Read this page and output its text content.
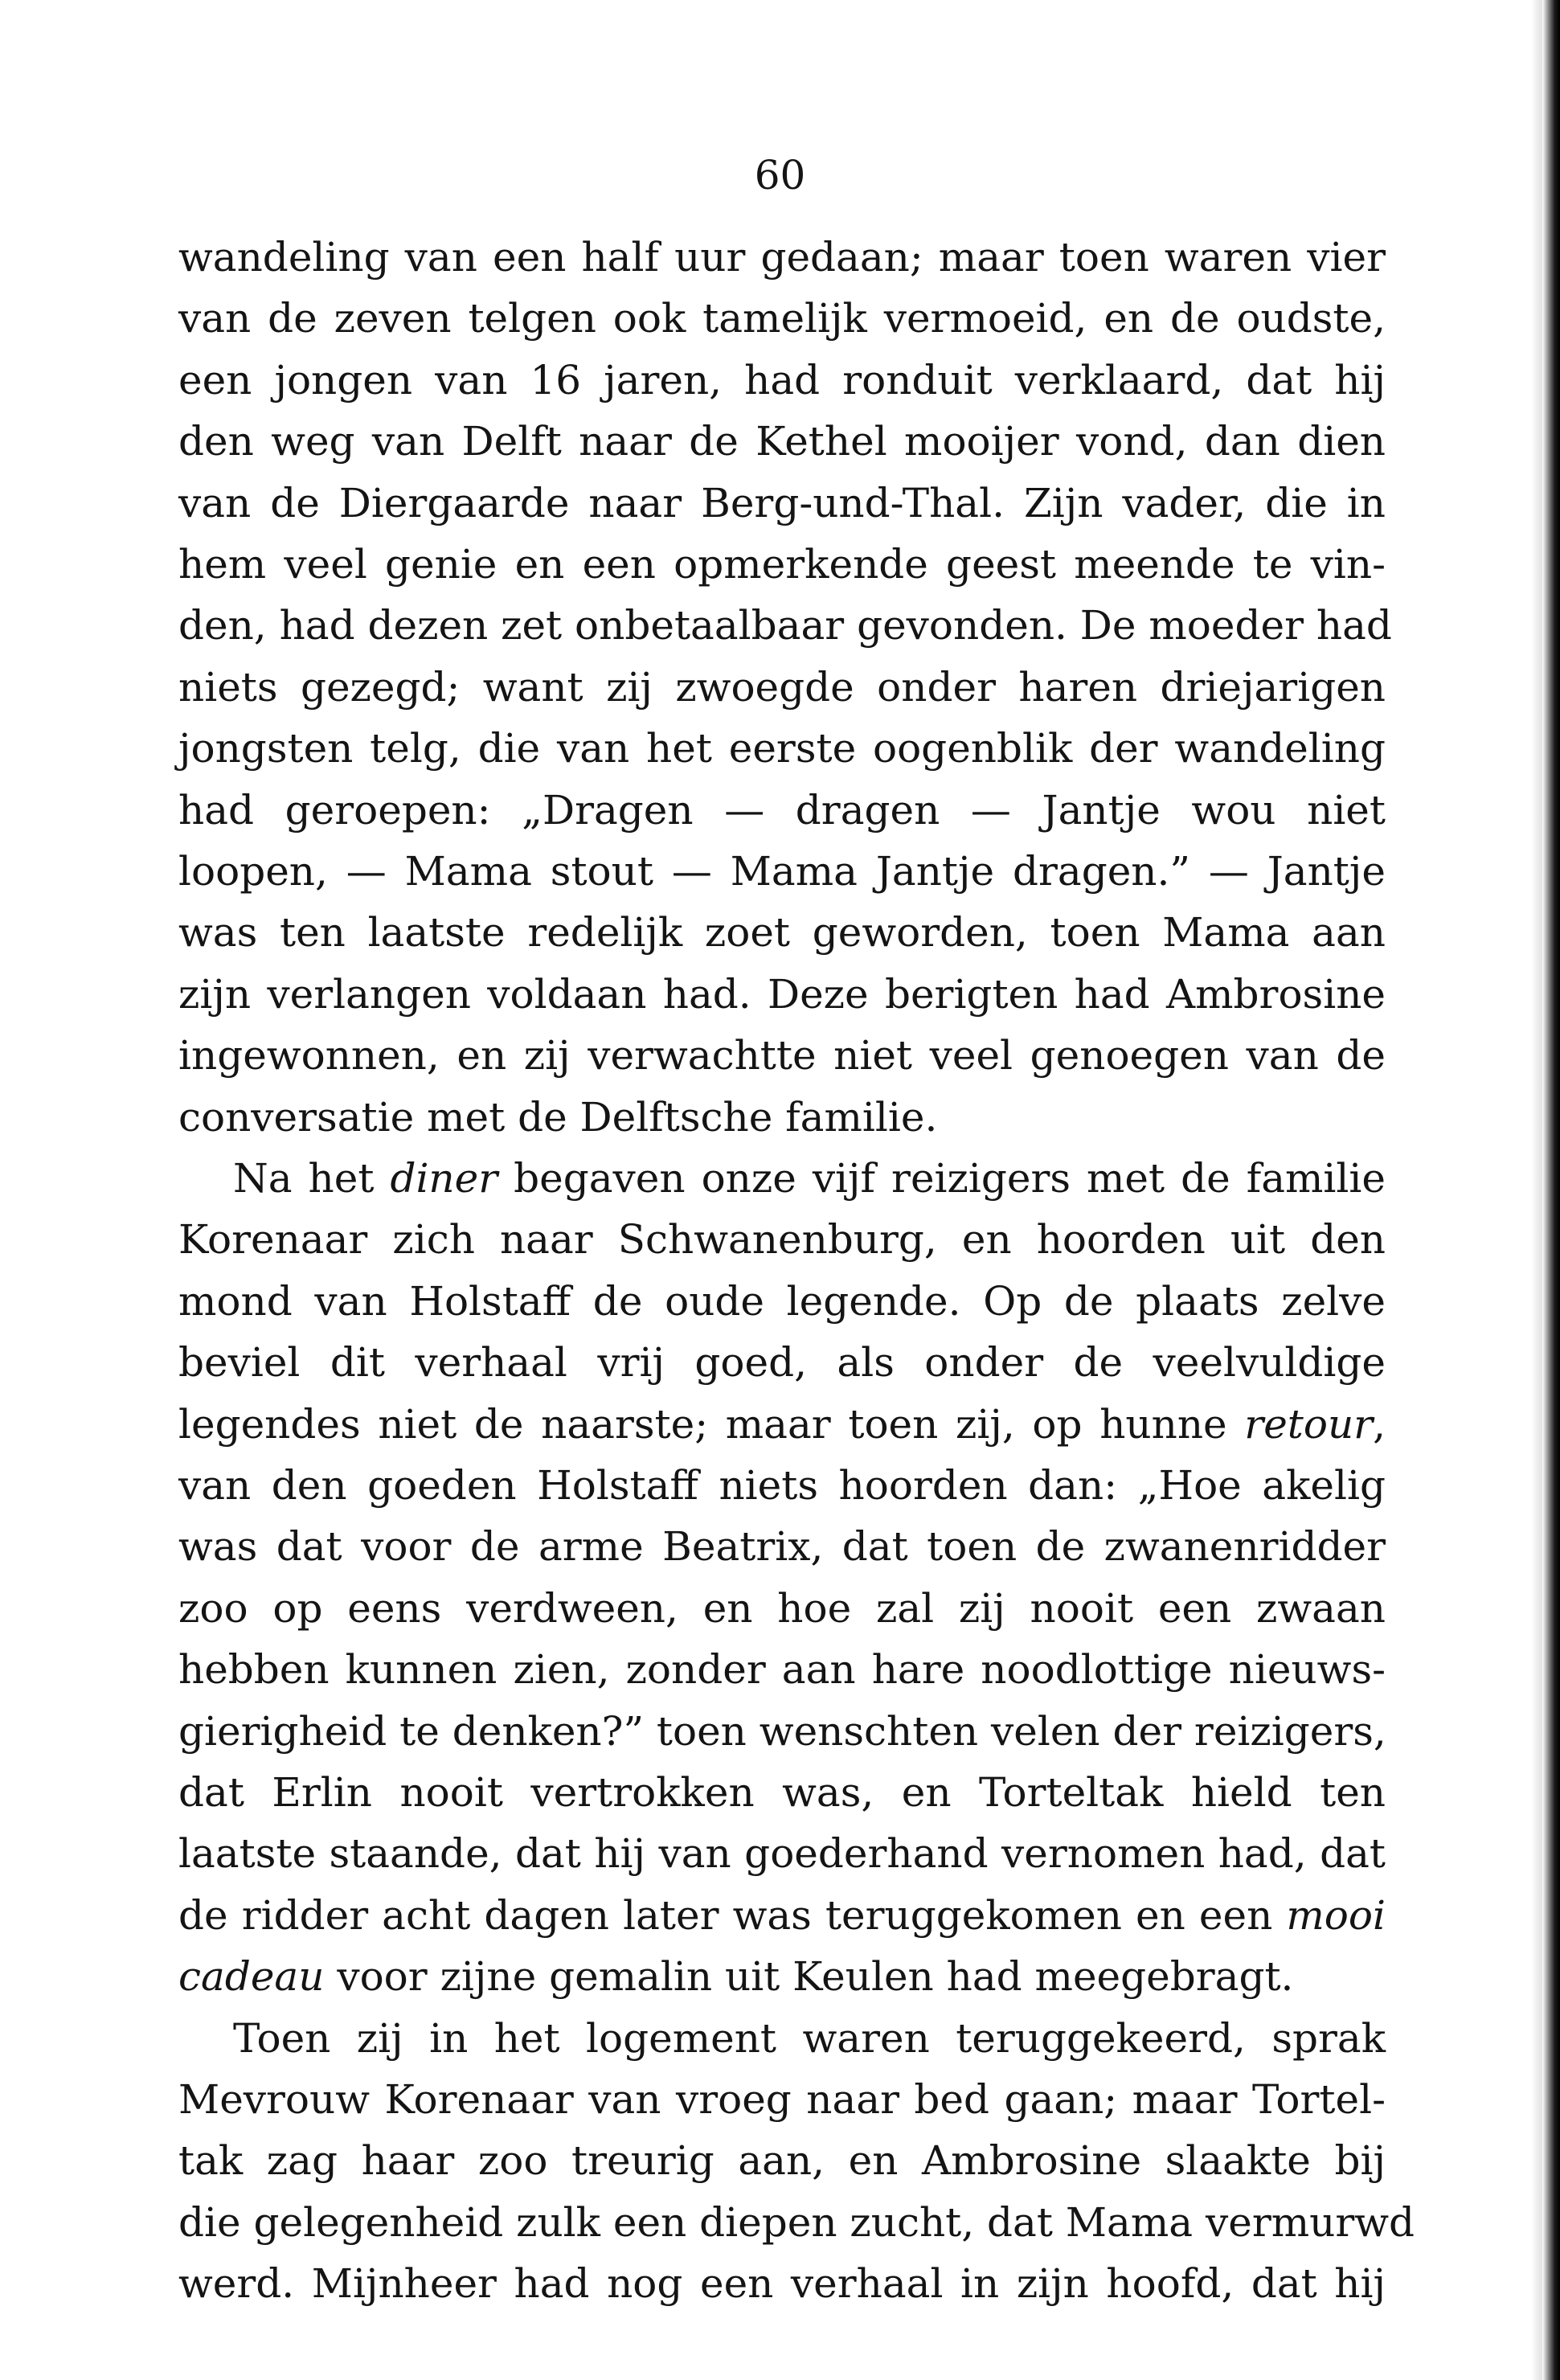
60
wandeling van een half uur gedaan; maar toen waren vier
van de zeven telgen ook tamelijk vermoeid, en de oudste,
een jongen van 16 jaren, had ronduit verklaard, dat hij
den weg van Delft naar de Kethel mooijer vond, dan dien
van de Diergaarde naar Berg-und-Thal. Zijn vader, die in
hem veel genie en een opmerkende geest meende te vin-
den, had dezen zet onbetaalbaar gevonden. De moeder had
niets gezegd; want zij zwoegde onder haren driejarigen
jongsten telg, die van het eerste oogenblik der wandeling
had geroepen: „Dragen — dragen — Jantje wou niet
loopen, — Mama stout — Mama Jantje dragen.” — Jantje
was ten laatste redelijk zoet geworden, toen Mama aan
zijn verlangen voldaan had. Deze berigten had Ambrosine
ingewonnen, en zij verwachtte niet veel genoegen van de
conversatie met de Delftsche familie.
Na het diner begaven onze vijf reizigers met de familie
Korenaar zich naar Schwanenburg, en hoorden uit den
mond van Holstaff de oude legende. Op de plaats zelve
beviel dit verhaal vrij goed, als onder de veelvuldige
legendes niet de naarste; maar toen zij, op hunne retour,
van den goeden Holstaff niets hoorden dan: „Hoe akelig
was dat voor de arme Beatrix, dat toen de zwanenridder
zoo op eens verdween, en hoe zal zij nooit een zwaan
hebben kunnen zien, zonder aan hare noodlottige nieuws-
gierigheid te denken?” toen wenschten velen der reizigers,
dat Erlin nooit vertrokken was, en Torteltak hield ten
laatste staande, dat hij van goederhand vernomen had, dat
de ridder acht dagen later was teruggekomen en een mooi
cadeau voor zijne gemalin uit Keulen had meegebragt.
Toen zij in het logement waren teruggekeerd, sprak
Mevrouw Korenaar van vroeg naar bed gaan; maar Tortel-
tak zag haar zoo treurig aan, en Ambrosine slaakte bij
die gelegenheid zulk een diepen zucht, dat Mama vermurwd
werd. Mijnheer had nog een verhaal in zijn hoofd, dat hij
